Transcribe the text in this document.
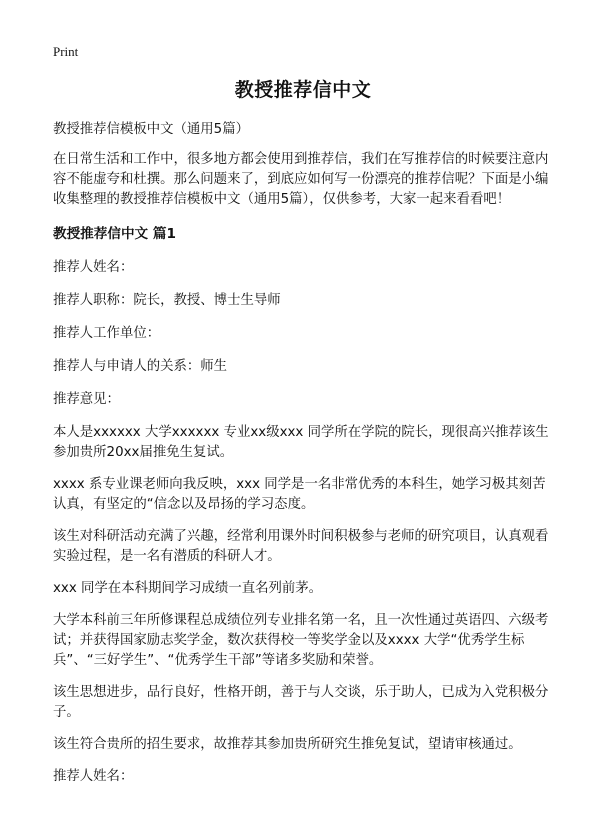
Print
教授推荐信中文

教授推荐信模板中文（通用5篇）

在日常生活和工作中，很多地方都会使用到推荐信，我们在写推荐信的时候要注意内容不能虚夸和杜撰。那么问题来了，到底应如何写一份漂亮的推荐信呢？下面是小编收集整理的教授推荐信模板中文（通用5篇），仅供参考，大家一起来看看吧！

教授推荐信中文 篇1

推荐人姓名：

推荐人职称：院长，教授、博士生导师

推荐人工作单位：

推荐人与申请人的关系：师生

推荐意见：

本人是xxxxxx 大学xxxxxx 专业xx级xxx 同学所在学院的院长，现很高兴推荐该生参加贵所20xx届推免生复试。

xxxx 系专业课老师向我反映，xxx 同学是一名非常优秀的本科生，她学习极其刻苦认真，有坚定的“信念以及昂扬的学习态度。

该生对科研活动充满了兴趣，经常利用课外时间积极参与老师的研究项目，认真观看实验过程，是一名有潜质的科研人才。

xxx 同学在本科期间学习成绩一直名列前茅。

大学本科前三年所修课程总成绩位列专业排名第一名，且一次性通过英语四、六级考试；并获得国家励志奖学金，数次获得校一等奖学金以及xxxx 大学“优秀学生标兵”、“三好学生”、“优秀学生干部”等诸多奖励和荣誉。

该生思想进步，品行良好，性格开朗，善于与人交谈，乐于助人，已成为入党积极分子。

该生符合贵所的招生要求，故推荐其参加贵所研究生推免复试，望请审核通过。

推荐人姓名：
